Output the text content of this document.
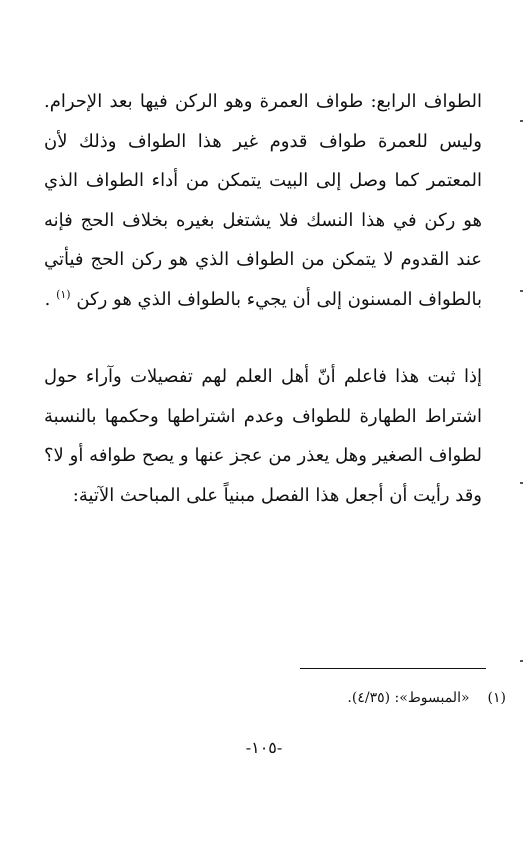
الطواف الرابع: طواف العمرة وهو الركن فيها بعد الإحرام. وليس للعمرة طواف قدوم غير هذا الطواف وذلك لأن المعتمر كما وصل إلى البيت يتمكن من أداء الطواف الذي هو ركن في هذا النسك فلا يشتغل بغيره بخلاف الحج فإنه عند القدوم لا يتمكن من الطواف الذي هو ركن الحج فيأتي بالطواف المسنون إلى أن يجيء بالطواف الذي هو ركن $^{(١)}$ .

إذا ثبت هذا فاعلم أنّ أهل العلم لهم تفصيلات وآراء حول اشتراط الطهارة للطواف وعدم اشتراطها وحكمها بالنسبة لطواف الصغير وهل يعذر من عجز عنها و يصح طوافه أو لا؟ وقد رأيت أن أجعل هذا الفصل مبنياً على المباحث الآتية:

(١)«المبسوط»: (٤/٣٥).

-١٠٥-
